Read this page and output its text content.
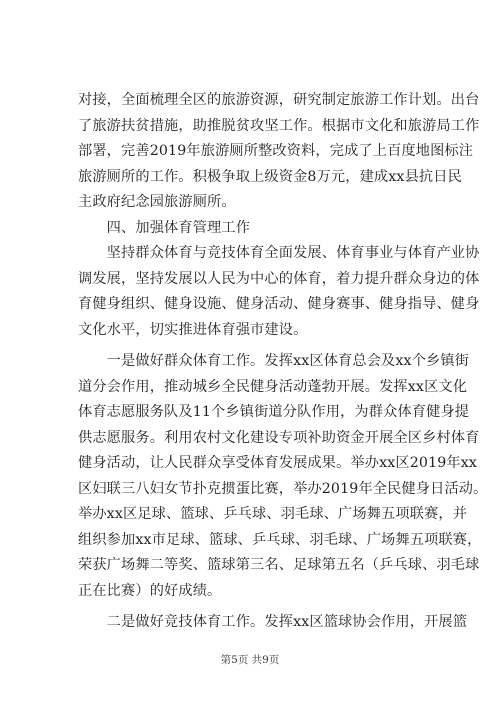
对接，全面梳理全区的旅游资源，研究制定旅游工作计划。出台
了旅游扶贫措施，助推脱贫攻坚工作。根据市文化和旅游局工作
部署，完善2019年旅游厕所整改资料，完成了上百度地图标注
旅游厕所的工作。积极争取上级资金8万元，建成xx县抗日民
主政府纪念园旅游厕所。
　　四、加强体育管理工作
　　坚持群众体育与竞技体育全面发展、体育事业与体育产业协
调发展，坚持发展以人民为中心的体育，着力提升群众身边的体
育健身组织、健身设施、健身活动、健身赛事、健身指导、健身
文化水平，切实推进体育强市建设。
　　一是做好群众体育工作。发挥xx区体育总会及xx个乡镇街
道分会作用，推动城乡全民健身活动蓬勃开展。发挥xx区文化
体育志愿服务队及11个乡镇街道分队作用，为群众体育健身提
供志愿服务。利用农村文化建设专项补助资金开展全区乡村体育
健身活动，让人民群众享受体育发展成果。举办xx区2019年xx
区妇联三八妇女节扑克掼蛋比赛，举办2019年全民健身日活动。
举办xx区足球、篮球、乒乓球、羽毛球、广场舞五项联赛，并
组织参加xx市足球、篮球、乒乓球、羽毛球、广场舞五项联赛，
荣获广场舞二等奖、篮球第三名、足球第五名（乒乓球、羽毛球
正在比赛）的好成绩。
　　二是做好竞技体育工作。发挥xx区篮球协会作用，开展篮
第5页 共9页
